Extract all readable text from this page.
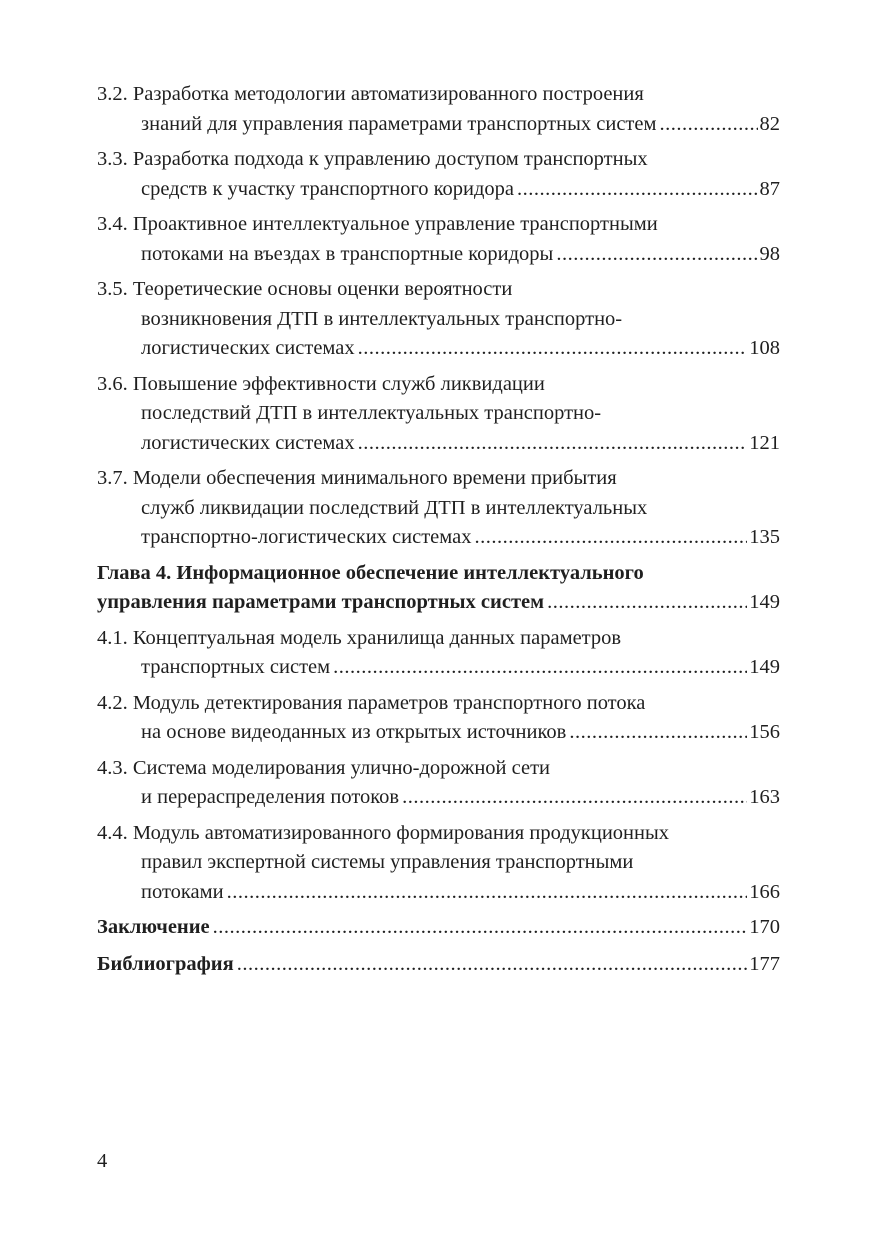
3.2. Разработка методологии автоматизированного построения
знаний для управления параметрами транспортных систем .....	82
3.3. Разработка подхода к управлению доступом транспортных
средств к участку транспортного коридора .....	87
3.4. Проактивное интеллектуальное управление транспортными
потоками на въездах в транспортные коридоры .....	98
3.5. Теоретические основы оценки вероятности
возникновения ДТП в интеллектуальных транспортно-
логистических системах .....	108
3.6. Повышение эффективности служб ликвидации
последствий ДТП в интеллектуальных транспортно-
логистических системах .....	121
3.7. Модели обеспечения минимального времени прибытия
служб ликвидации последствий ДТП в интеллектуальных
транспортно-логистических системах .....	135
Глава 4. Информационное обеспечение интеллектуального
управления параметрами транспортных систем .....	149
4.1. Концептуальная модель хранилища данных параметров
транспортных систем .....	149
4.2. Модуль детектирования параметров транспортного потока
на основе видеоданных из открытых источников .....	156
4.3. Система моделирования улично-дорожной сети
и перераспределения потоков .....	163
4.4. Модуль автоматизированного формирования продукционных
правил экспертной системы управления транспортными
потоками .....	166
Заключение .....	170
Библиография .....	177
4
